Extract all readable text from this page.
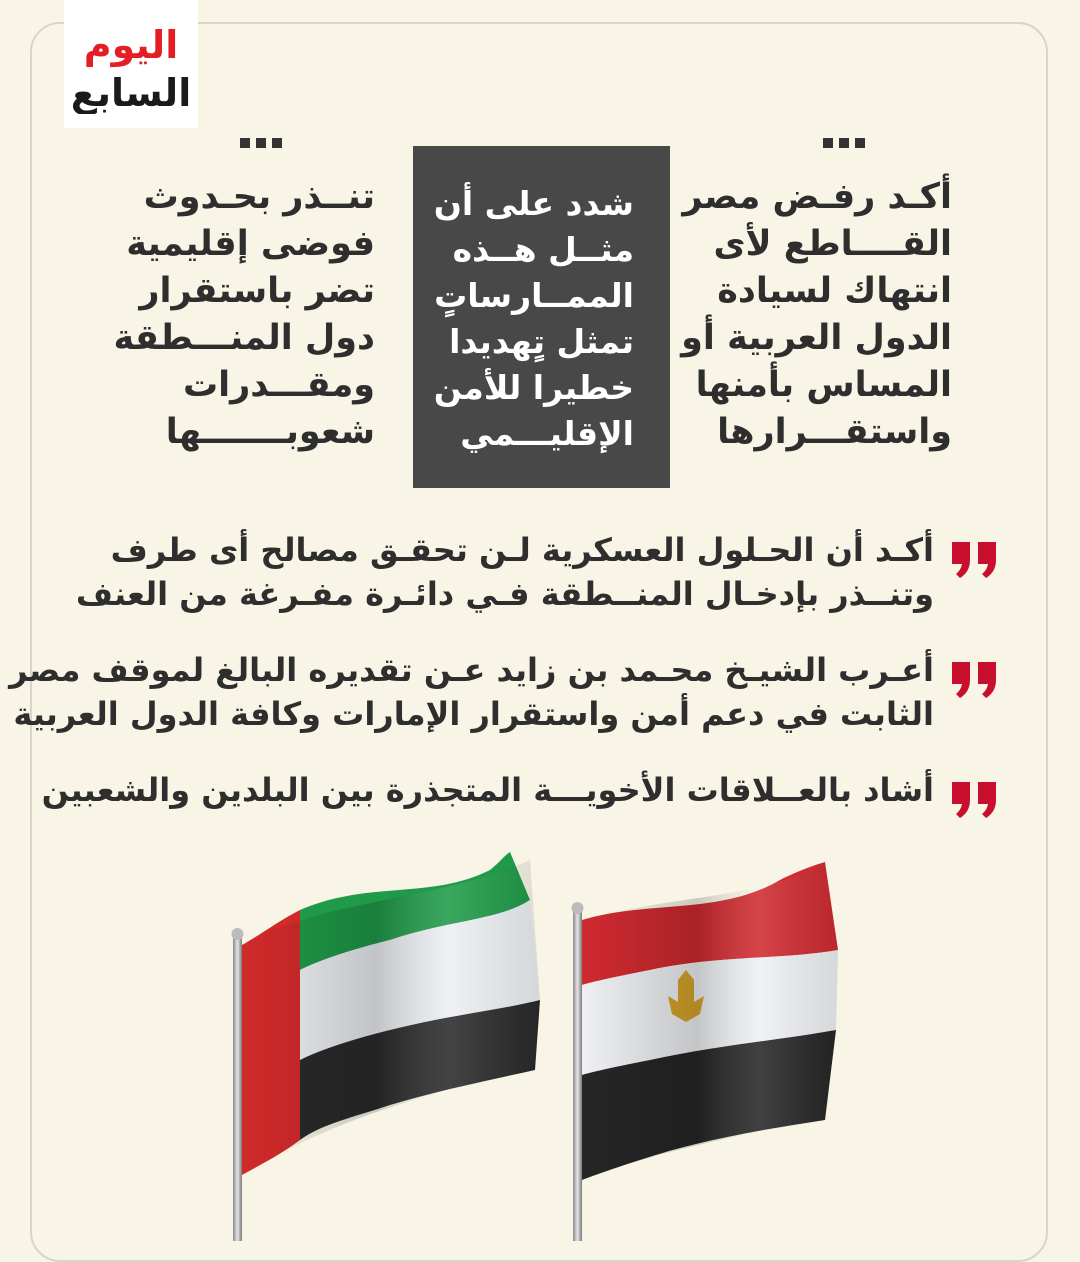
اليوم
السابع
أكـد رفـض مصر
القــــاطع لأى
انتهاك لسيادة
الدول العربية أو
المساس بأمنها
واستقـــرارها
شدد على أن
مثــل هــذه
الممــارساتٍ
تمثل تٍهديدا
خطيرا للأمن
الإقليـــمي
تنــذر بحـدوث
فوضى إقليمية
تضر باستقرار
دول المنـــطقة
ومقـــدرات
شعوبـــــــها
أكـد أن الحـلول العسكرية لـن تحقـق مصالح أى طرف
وتنــذر بإدخـال المنــطقة فـي دائـرة مفـرغة من العنف
أعـرب الشيـخ محـمد بن زايد عـن تقديره البالغ لموقف مصر
الثابت في دعم أمن واستقرار الإمارات وكافة الدول العربية
أشاد بالعــلاقات الأخويـــة المتجذرة بين البلدين والشعبين
